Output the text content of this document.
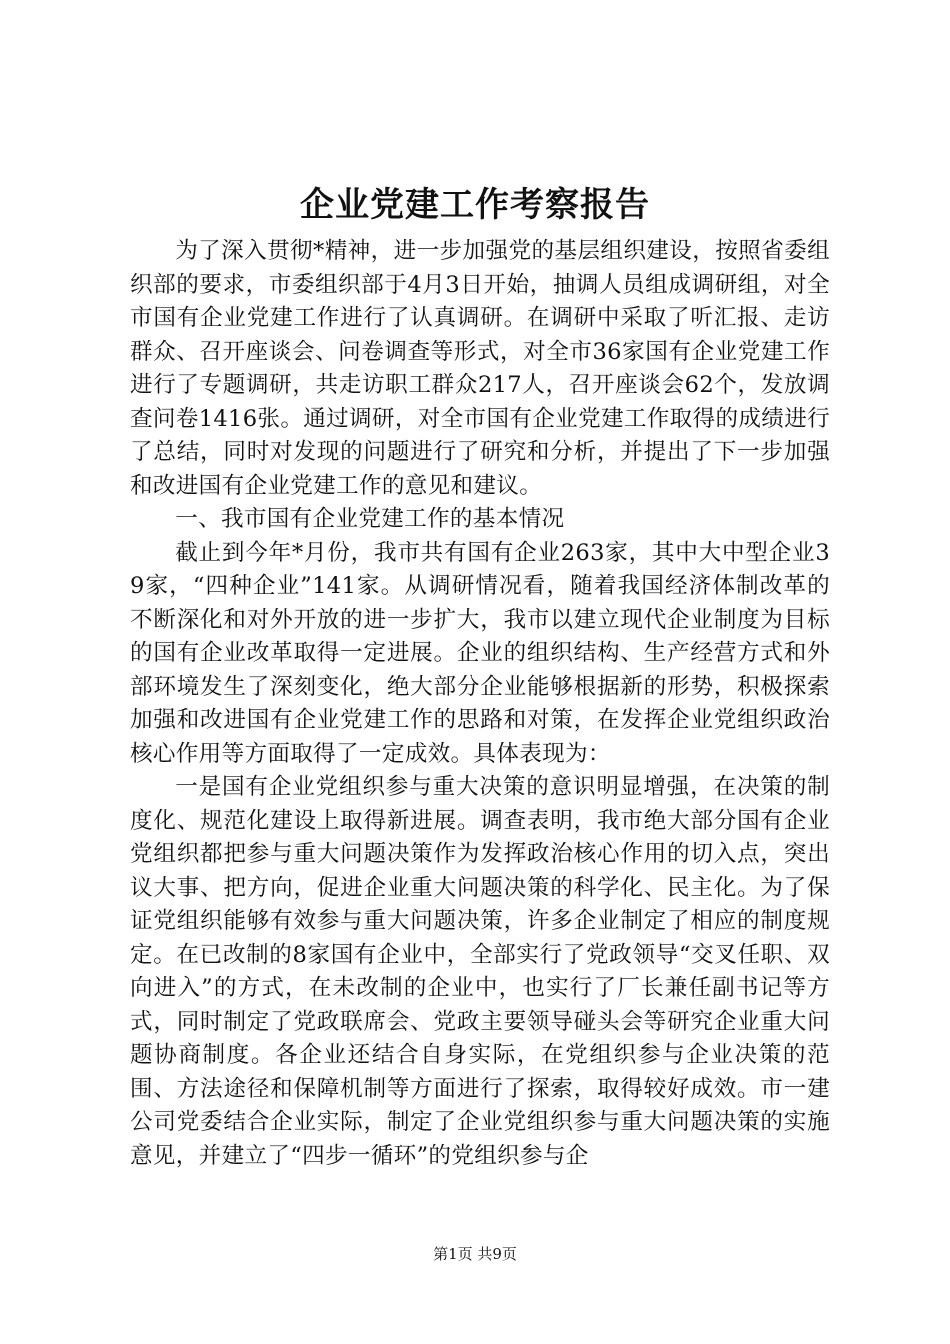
企业党建工作考察报告

为了深入贯彻*精神，进一步加强党的基层组织建设，按照省委组织部的要求，市委组织部于4月3日开始，抽调人员组成调研组，对全市国有企业党建工作进行了认真调研。在调研中采取了听汇报、走访群众、召开座谈会、问卷调查等形式，对全市36家国有企业党建工作进行了专题调研，共走访职工群众217人，召开座谈会62个，发放调查问卷1416张。通过调研，对全市国有企业党建工作取得的成绩进行了总结，同时对发现的问题进行了研究和分析，并提出了下一步加强和改进国有企业党建工作的意见和建议。

一、我市国有企业党建工作的基本情况

截止到今年*月份，我市共有国有企业263家，其中大中型企业39家，“四种企业”141家。从调研情况看，随着我国经济体制改革的不断深化和对外开放的进一步扩大，我市以建立现代企业制度为目标的国有企业改革取得一定进展。企业的组织结构、生产经营方式和外部环境发生了深刻变化，绝大部分企业能够根据新的形势，积极探索加强和改进国有企业党建工作的思路和对策，在发挥企业党组织政治核心作用等方面取得了一定成效。具体表现为：

一是国有企业党组织参与重大决策的意识明显增强，在决策的制度化、规范化建设上取得新进展。调查表明，我市绝大部分国有企业党组织都把参与重大问题决策作为发挥政治核心作用的切入点，突出议大事、把方向，促进企业重大问题决策的科学化、民主化。为了保证党组织能够有效参与重大问题决策，许多企业制定了相应的制度规定。在已改制的8家国有企业中，全部实行了党政领导“交叉任职、双向进入”的方式，在未改制的企业中，也实行了厂长兼任副书记等方式，同时制定了党政联席会、党政主要领导碰头会等研究企业重大问题协商制度。各企业还结合自身实际，在党组织参与企业决策的范围、方法途径和保障机制等方面进行了探索，取得较好成效。市一建公司党委结合企业实际，制定了企业党组织参与重大问题决策的实施意见，并建立了“四步一循环”的党组织参与企

第1页 共9页
